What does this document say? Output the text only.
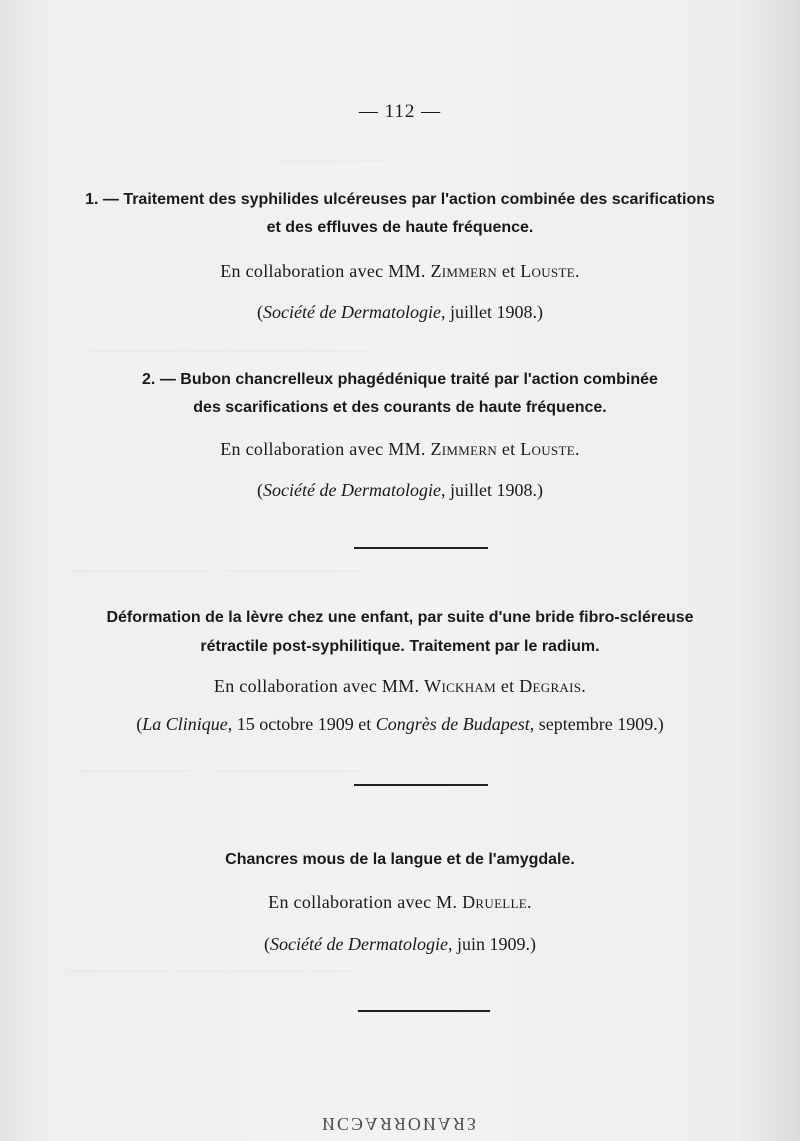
............................
..........................................................................
.............................................................................
...........................................................................
..............................................................................
— 112 —
1. — Traitement des syphilides ulcéreuses par l'action combinée des scarifications
et des effluves de haute fréquence.
En collaboration avec MM. Zimmern et Louste.
(Société de Dermatologie, juillet 1908.)
2. — Bubon chancrelleux phagédénique traité par l'action combinée
des scarifications et des courants de haute fréquence.
En collaboration avec MM. Zimmern et Louste.
(Société de Dermatologie, juillet 1908.)
Déformation de la lèvre chez une enfant, par suite d'une bride fibro-scléreuse
rétractile post-syphilitique. Traitement par le radium.
En collaboration avec MM. Wickham et Degrais.
(La Clinique, 15 octobre 1909 et Congrès de Budapest, septembre 1909.)
Chancres mous de la langue et de l'amygdale.
En collaboration avec M. Druelle.
(Société de Dermatologie, juin 1909.)
ИСЭАЯЯОИАЯЗ
